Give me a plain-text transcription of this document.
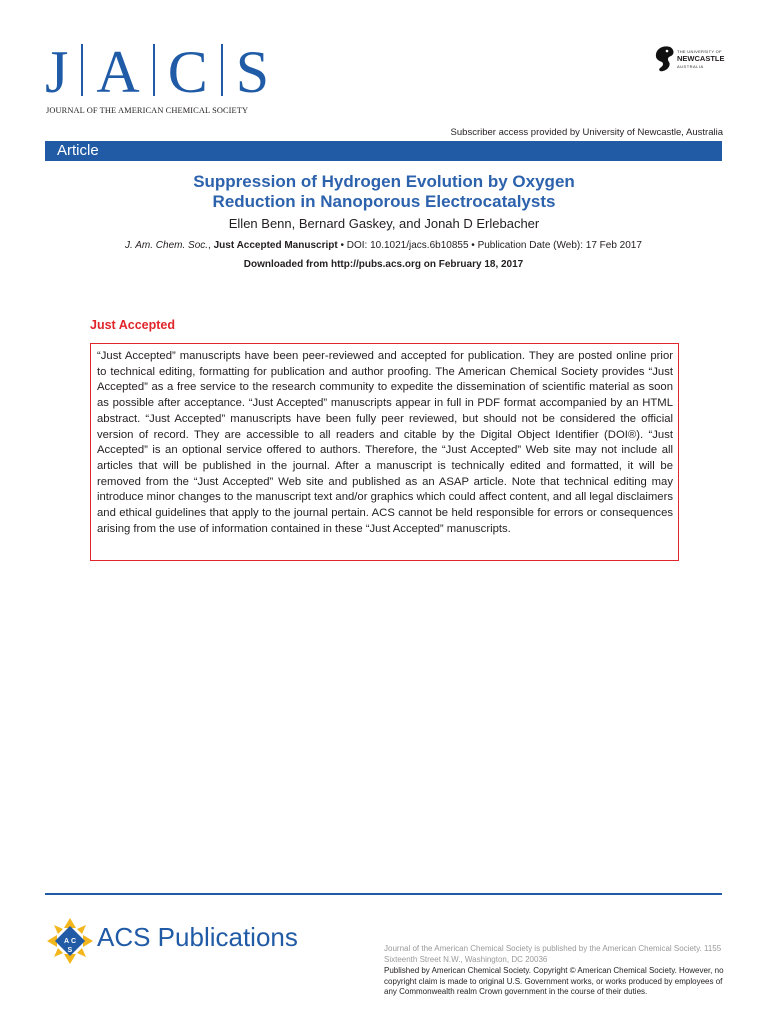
J A C S
JOURNAL OF THE AMERICAN CHEMICAL SOCIETY
THE UNIVERSITY OF
NEWCASTLE
AUSTRALIA
Subscriber access provided by University of Newcastle, Australia
Article
Suppression of Hydrogen Evolution by Oxygen
Reduction in Nanoporous Electrocatalysts
Ellen Benn, Bernard Gaskey, and Jonah D Erlebacher
J. Am. Chem. Soc., Just Accepted Manuscript • DOI: 10.1021/jacs.6b10855 • Publication Date (Web): 17 Feb 2017
Downloaded from http://pubs.acs.org on February 18, 2017
Just Accepted

“Just Accepted” manuscripts have been peer-reviewed and accepted for publication. They are posted online prior to technical editing, formatting for publication and author proofing. The American Chemical Society provides “Just Accepted” as a free service to the research community to expedite the dissemination of scientific material as soon as possible after acceptance. “Just Accepted” manuscripts appear in full in PDF format accompanied by an HTML abstract. “Just Accepted” manuscripts have been fully peer reviewed, but should not be considered the official version of record. They are accessible to all readers and citable by the Digital Object Identifier (DOI®). “Just Accepted” is an optional service offered to authors. Therefore, the “Just Accepted” Web site may not include all articles that will be published in the journal. After a manuscript is technically edited and formatted, it will be removed from the “Just Accepted” Web site and published as an ASAP article. Note that technical editing may introduce minor changes to the manuscript text and/or graphics which could affect content, and all legal disclaimers and ethical guidelines that apply to the journal pertain. ACS cannot be held responsible for errors or consequences arising from the use of information contained in these “Just Accepted” manuscripts.

A C
S ACS Publications	Journal of the American Chemical Society is published by the American Chemical Society. 1155 Sixteenth Street N.W., Washington, DC 20036
Published by American Chemical Society. Copyright © American Chemical Society. However, no copyright claim is made to original U.S. Government works, or works produced by employees of any Commonwealth realm Crown government in the course of their duties.
